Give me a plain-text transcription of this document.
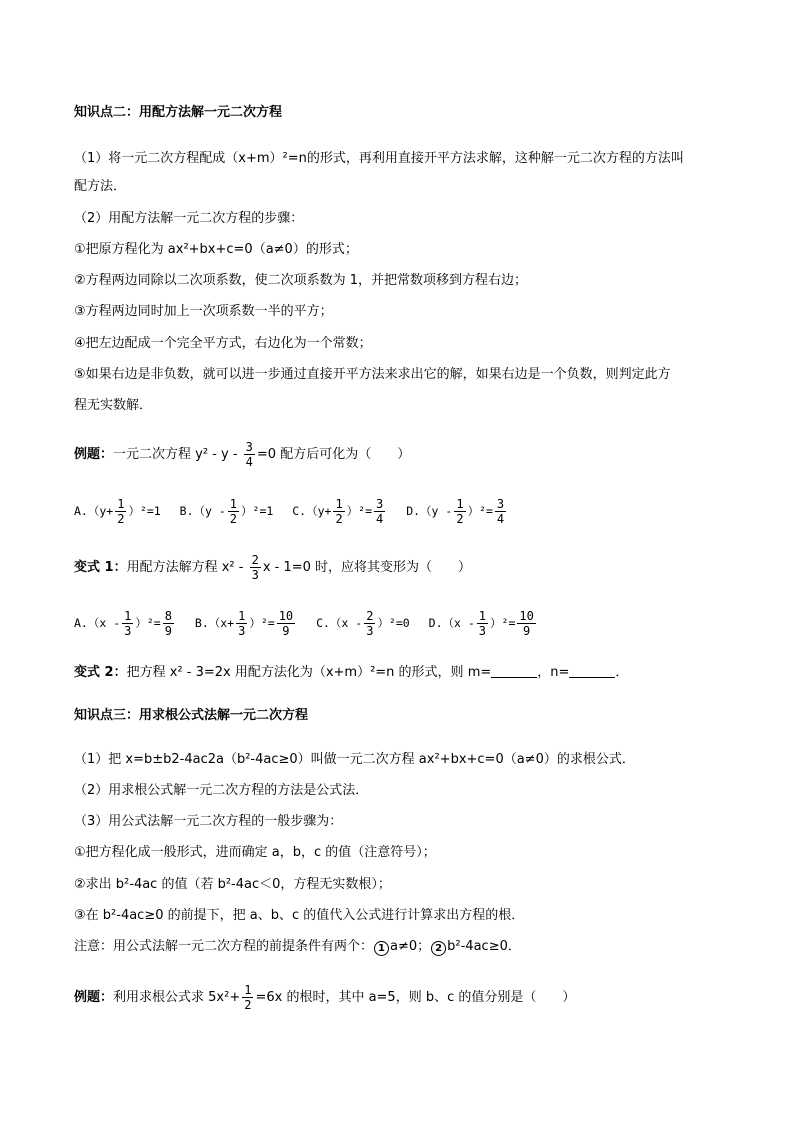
知识点二：用配方法解一元二次方程
（1）将一元二次方程配成（x+m）²=n的形式，再利用直接开平方法求解，这种解一元二次方程的方法叫
配方法．
（2）用配方法解一元二次方程的步骤：
①把原方程化为 ax²+bx+c=0（a≠0）的形式；
②方程两边同除以二次项系数，使二次项系数为 1，并把常数项移到方程右边；
③方程两边同时加上一次项系数一半的平方；
④把左边配成一个完全平方式，右边化为一个常数；
⑤如果右边是非负数，就可以进一步通过直接开平方法来求出它的解，如果右边是一个负数，则判定此方
程无实数解．
例题：一元二次方程 $y^2 - y - \frac{3}{4} =0$ 配方后可化为（　　）
$A.(y+ \frac{1}{2} )^2=1$ $B.(y - \frac{1}{2} )^2=1$ $C.(y+ \frac{1}{2} )^2= \frac{3}{4} D.(y - \frac{1}{2} )^2= \frac{3}{4}$
变式 1：用配方法解方程 $x^2 - \frac{2}{3}$ x - 1=0 时，应将其变形为（　　）
$A.(x - \frac{1}{3} )^2= \frac{8}{9} B.(x+ \frac{1}{3} )^2= \frac{10}{9} C.(x - \frac{2}{3} )^2=0$ $D.(x - \frac{1}{3} )^2= \frac{10}{9}$
变式 2：把方程 x² - 3=2x 用配方法化为（x+m）²=n 的形式，则 m=	，n=	．
知识点三：用求根公式法解一元二次方程
（1）把 x=b±b2-4ac2a（b²-4ac≥0）叫做一元二次方程 ax²+bx+c=0（a≠0）的求根公式．
（2）用求根公式解一元二次方程的方法是公式法．
（3）用公式法解一元二次方程的一般步骤为：
①把方程化成一般形式，进而确定 a，b，c 的值（注意符号）；
②求出 b²-4ac 的值（若 b²-4ac＜0，方程无实数根）；
③在 b²-4ac≥0 的前提下，把 a、b、c 的值代入公式进行计算求出方程的根．
注意：用公式法解一元二次方程的前提条件有两个： 1 a≠0； 2 b²-4ac≥0．
例题：利用求根公式求 $5x^2+ \frac{1}{2} =6x$ 的根时，其中 a=5，则 b、c 的值分别是（　　）
